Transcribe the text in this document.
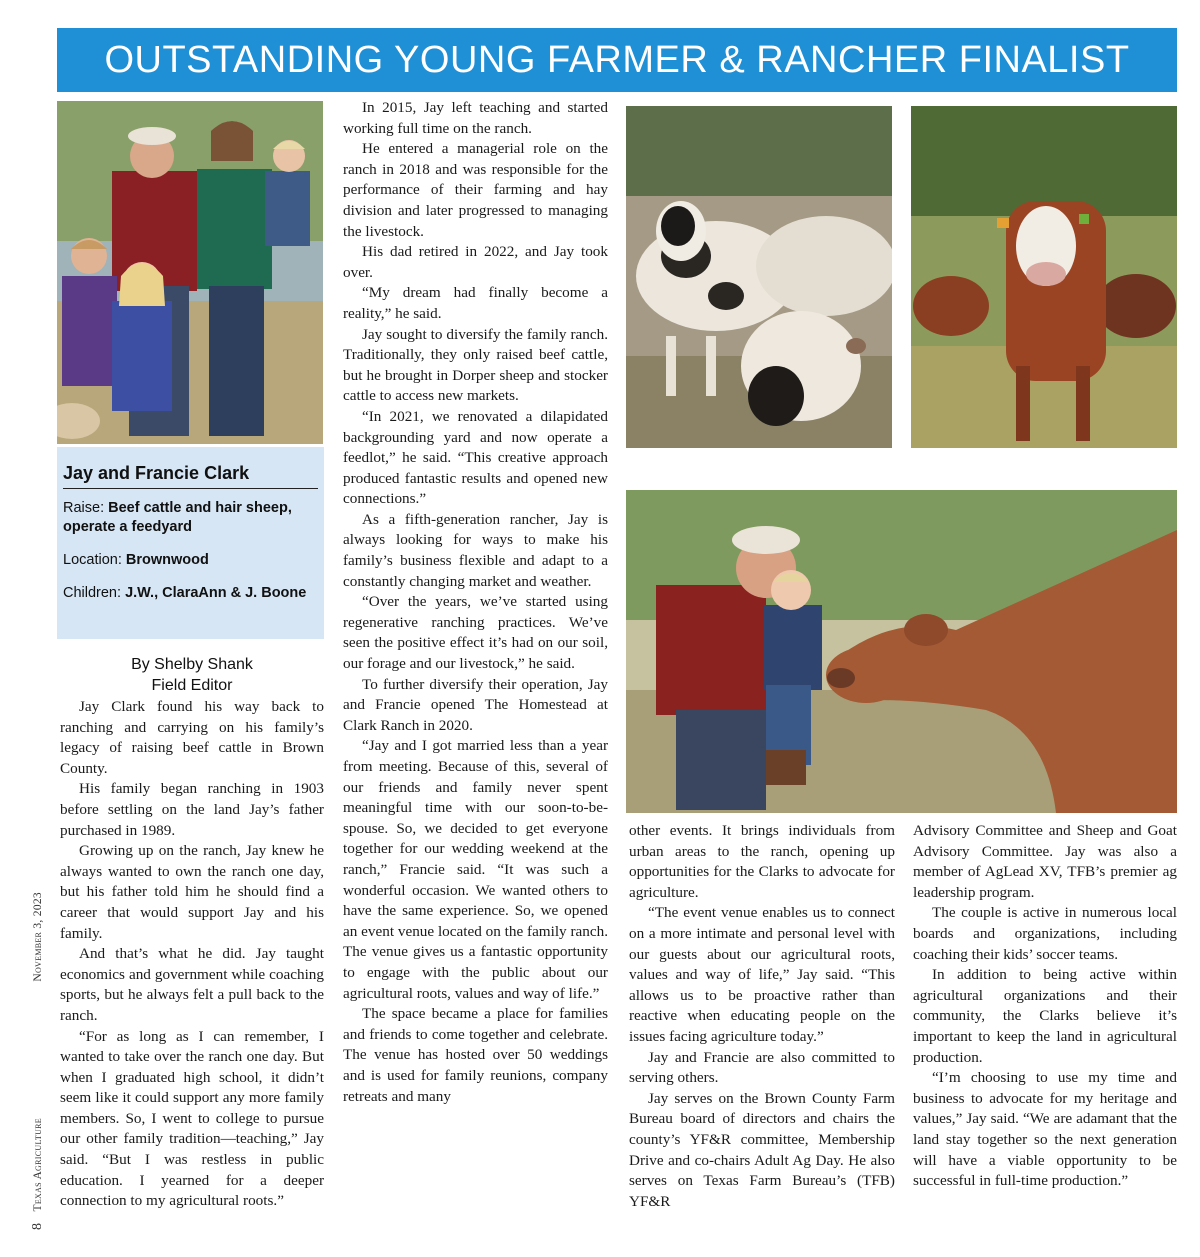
OUTSTANDING YOUNG FARMER & RANCHER FINALIST
Jay and Francie Clark
Raise: Beef cattle and hair sheep, operate a feedyard
Location: Brownwood
Children: J.W., ClaraAnn & J. Boone
By Shelby Shank
Field Editor
8 Texas Agriculture  November 3, 2023

Jay Clark found his way back to ranching and carrying on his family’s legacy of raising beef cattle in Brown County.

His family began ranching in 1903 before settling on the land Jay’s father purchased in 1989.

Growing up on the ranch, Jay knew he always wanted to own the ranch one day, but his father told him he should find a career that would support Jay and his family.

And that’s what he did. Jay taught economics and government while coaching sports, but he always felt a pull back to the ranch.

“For as long as I can remember, I wanted to take over the ranch one day. But when I graduated high school, it didn’t seem like it could support any more family members. So, I went to college to pursue our other family tradition—teaching,” Jay said. “But I was restless in public education. I yearned for a deeper connection to my agricultural roots.”

In 2015, Jay left teaching and started working full time on the ranch.

He entered a managerial role on the ranch in 2018 and was responsible for the performance of their farming and hay division and later progressed to managing the livestock.

His dad retired in 2022, and Jay took over.

“My dream had finally become a reality,” he said.

Jay sought to diversify the family ranch. Traditionally, they only raised beef cattle, but he brought in Dorper sheep and stocker cattle to access new markets.

“In 2021, we renovated a dilapidated backgrounding yard and now operate a feedlot,” he said. “This creative approach produced fantastic results and opened new connections.”

As a fifth-generation rancher, Jay is always looking for ways to make his family’s business flexible and adapt to a constantly changing market and weather.

“Over the years, we’ve started using regenerative ranching practices. We’ve seen the positive effect it’s had on our soil, our forage and our livestock,” he said.

To further diversify their operation, Jay and Francie opened The Homestead at Clark Ranch in 2020.

“Jay and I got married less than a year from meeting. Because of this, several of our friends and family never spent meaningful time with our soon-to-be-spouse. So, we decided to get everyone together for our wedding weekend at the ranch,” Francie said. “It was such a wonderful occasion. We wanted others to have the same experience. So, we opened an event venue located on the family ranch. The venue gives us a fantastic opportunity to engage with the public about our agricultural roots, values and way of life.”

The space became a place for families and friends to come together and celebrate. The venue has hosted over 50 weddings and is used for family reunions, company retreats and many

other events. It brings individuals from urban areas to the ranch, opening up opportunities for the Clarks to advocate for agriculture.

“The event venue enables us to connect on a more intimate and personal level with our guests about our agricultural roots, values and way of life,” Jay said. “This allows us to be proactive rather than reactive when educating people on the issues facing agriculture today.”

Jay and Francie are also committed to serving others.

Jay serves on the Brown County Farm Bureau board of directors and chairs the county’s YF&R committee, Membership Drive and co-chairs Adult Ag Day. He also serves on Texas Farm Bureau’s (TFB) YF&R

Advisory Committee and Sheep and Goat Advisory Committee. Jay was also a member of AgLead XV, TFB’s premier ag leadership program.

The couple is active in numerous local boards and organizations, including coaching their kids’ soccer teams.

In addition to being active within agricultural organizations and their community, the Clarks believe it’s important to keep the land in agricultural production.

“I’m choosing to use my time and business to advocate for my heritage and values,” Jay said. “We are adamant that the land stay together so the next generation will have a viable opportunity to be successful in full-time production.”
